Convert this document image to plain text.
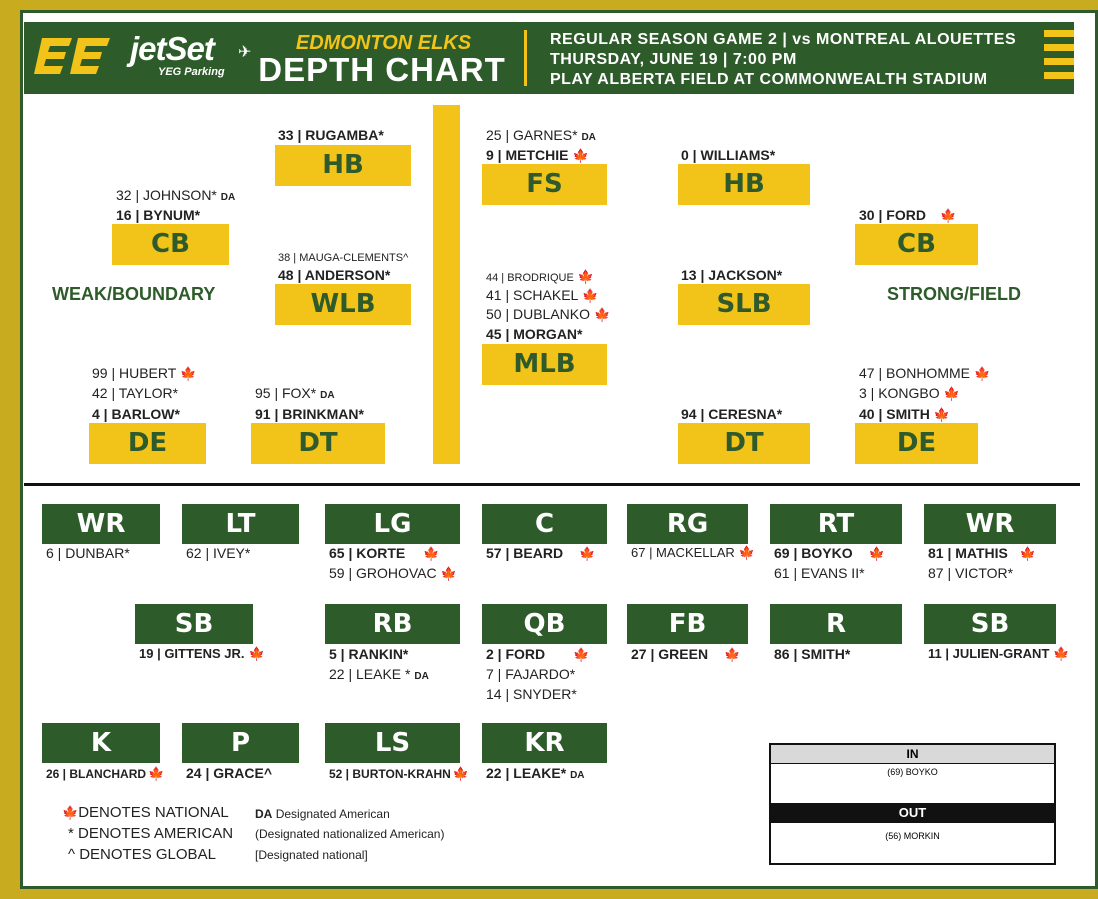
jetSet
YEG Parking
✈	EDMONTON ELKS
DEPTH CHART
REGULAR SEASON GAME 2 | vs MONTREAL ALOUETTES
THURSDAY, JUNE 19 | 7:00 PM
PLAY ALBERTA FIELD AT COMMONWEALTH STADIUM
WEAK/BOUNDARY	STRONG/FIELD
33 | RUGAMBA*
HB
32 | JOHNSON* DA
16 | BYNUM*
CB	38 | MAUGA-CLEMENTS^
48 | ANDERSON*
WLB
99 | HUBERT 🍁
42 | TAYLOR*
4 | BARLOW*
DE
95 | FOX* DA
91 | BRINKMAN*
DT
25 | GARNES* DA
9 | METCHIE 🍁
FS
44 | BRODRIQUE 🍁
41 | SCHAKEL 🍁
50 | DUBLANKO 🍁
45 | MORGAN*
MLB
0 | WILLIAMS*
HB
13 | JACKSON*
SLB
94 | CERESNA*
DT
30 | FORD 🍁
CB
47 | BONHOMME 🍁
3 | KONGBO 🍁
40 | SMITH 🍁
DE
WR
6 | DUNBAR*
LT
62 | IVEY*
LG
65 | KORTE 🍁
59 | GROHOVAC 🍁
C
57 | BEARD 🍁
RG
67 | MACKELLAR 🍁
RT
69 | BOYKO 🍁
61 | EVANS II*
WR
81 | MATHIS 🍁
87 | VICTOR*
SB
19 | GITTENS JR. 🍁
RB
5 | RANKIN*
22 | LEAKE * DA
QB
2 | FORD 🍁
7 | FAJARDO*
14 | SNYDER*
FB
27 | GREEN 🍁
R
86 | SMITH*
SB
11 | JULIEN-GRANT 🍁
K
26 | BLANCHARD 🍁
P
24 | GRACE^
LS
52 | BURTON-KRAHN 🍁
KR
22 | LEAKE* DA
🍁DENOTES NATIONAL
* DENOTES AMERICAN
^ DENOTES GLOBAL
DA Designated American
(Designated nationalized American)
[Designated national]
IN
(69) BOYKO
OUT
(56) MORKIN
